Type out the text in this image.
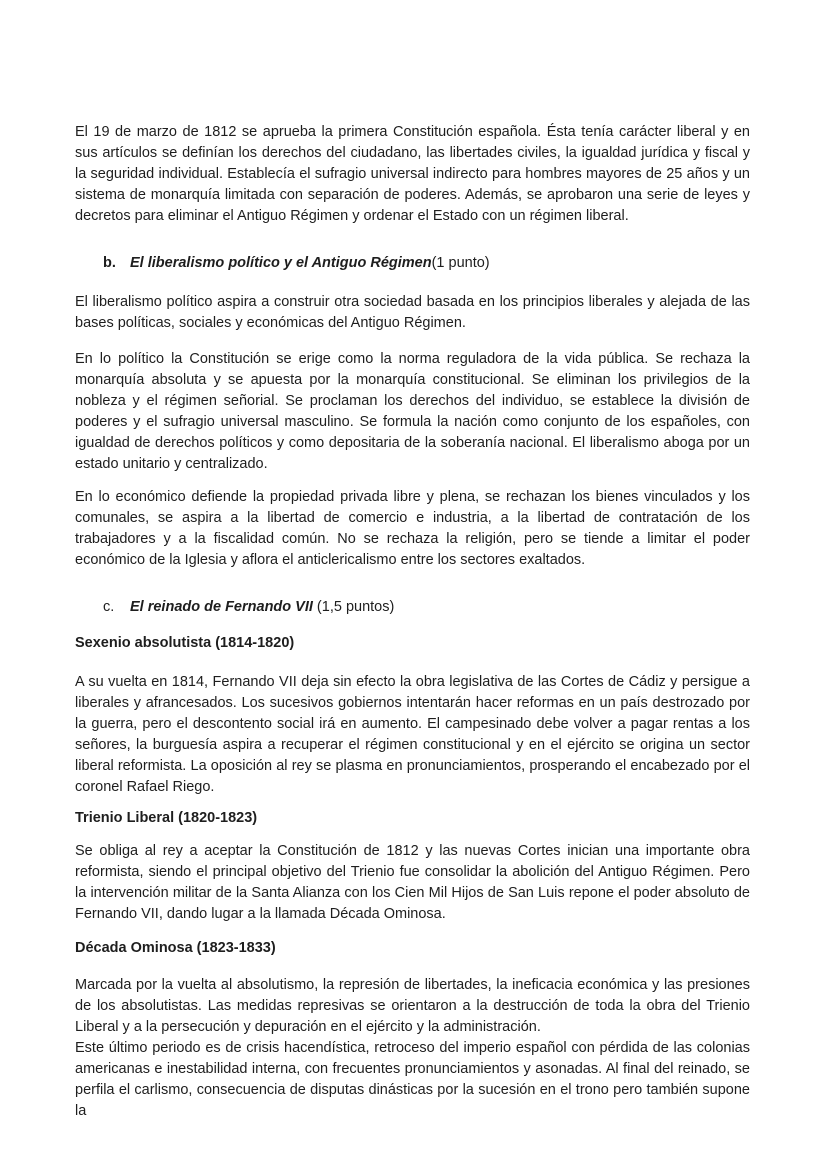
El 19 de marzo de 1812 se aprueba la primera Constitución española. Ésta tenía carácter liberal y en sus artículos se definían los derechos del ciudadano, las libertades civiles, la igualdad jurídica y fiscal y la seguridad individual. Establecía el sufragio universal indirecto para hombres mayores de 25 años y un sistema de monarquía limitada con separación de poderes. Además, se aprobaron una serie de leyes y decretos para eliminar el Antiguo Régimen y ordenar el Estado con un régimen liberal.

b. El liberalismo político y el Antiguo Régimen(1 punto)

El liberalismo político aspira a construir otra sociedad basada en los principios liberales y alejada de las bases políticas, sociales y económicas del Antiguo Régimen.

En lo político la Constitución se erige como la norma reguladora de la vida pública. Se rechaza la monarquía absoluta y se apuesta por la monarquía constitucional. Se eliminan los privilegios de la nobleza y el régimen señorial. Se proclaman los derechos del individuo, se establece la división de poderes y el sufragio universal masculino. Se formula la nación como conjunto de los españoles, con igualdad de derechos políticos y como depositaria de la soberanía nacional. El liberalismo aboga por un estado unitario y centralizado.

En lo económico defiende la propiedad privada libre y plena, se rechazan los bienes vinculados y los comunales, se aspira a la libertad de comercio e industria, a la libertad de contratación de los trabajadores y a la fiscalidad común. No se rechaza la religión, pero se tiende a limitar el poder económico de la Iglesia y aflora el anticlericalismo entre los sectores exaltados.

c. El reinado de Fernando VII (1,5 puntos)
Sexenio absolutista (1814-1820)

A su vuelta en 1814, Fernando VII deja sin efecto la obra legislativa de las Cortes de Cádiz y persigue a liberales y afrancesados. Los sucesivos gobiernos intentarán hacer reformas en un país destrozado por la guerra, pero el descontento social irá en aumento. El campesinado debe volver a pagar rentas a los señores, la burguesía aspira a recuperar el régimen constitucional y en el ejército se origina un sector liberal reformista. La oposición al rey se plasma en pronunciamientos, prosperando el encabezado por el coronel Rafael Riego.

Trienio Liberal (1820-1823)

Se obliga al rey a aceptar la Constitución de 1812 y las nuevas Cortes inician una importante obra reformista, siendo el principal objetivo del Trienio fue consolidar la abolición del Antiguo Régimen. Pero la intervención militar de la Santa Alianza con los Cien Mil Hijos de San Luis repone el poder absoluto de Fernando VII, dando lugar a la llamada Década Ominosa.

Década Ominosa (1823-1833)

Marcada por la vuelta al absolutismo, la represión de libertades, la ineficacia económica y las presiones de los absolutistas. Las medidas represivas se orientaron a la destrucción de toda la obra del Trienio Liberal y a la persecución y depuración en el ejército y la administración.

Este último periodo es de crisis hacendística, retroceso del imperio español con pérdida de las colonias americanas e inestabilidad interna, con frecuentes pronunciamientos y asonadas. Al final del reinado, se perfila el carlismo, consecuencia de disputas dinásticas por la sucesión en el trono pero también supone la
